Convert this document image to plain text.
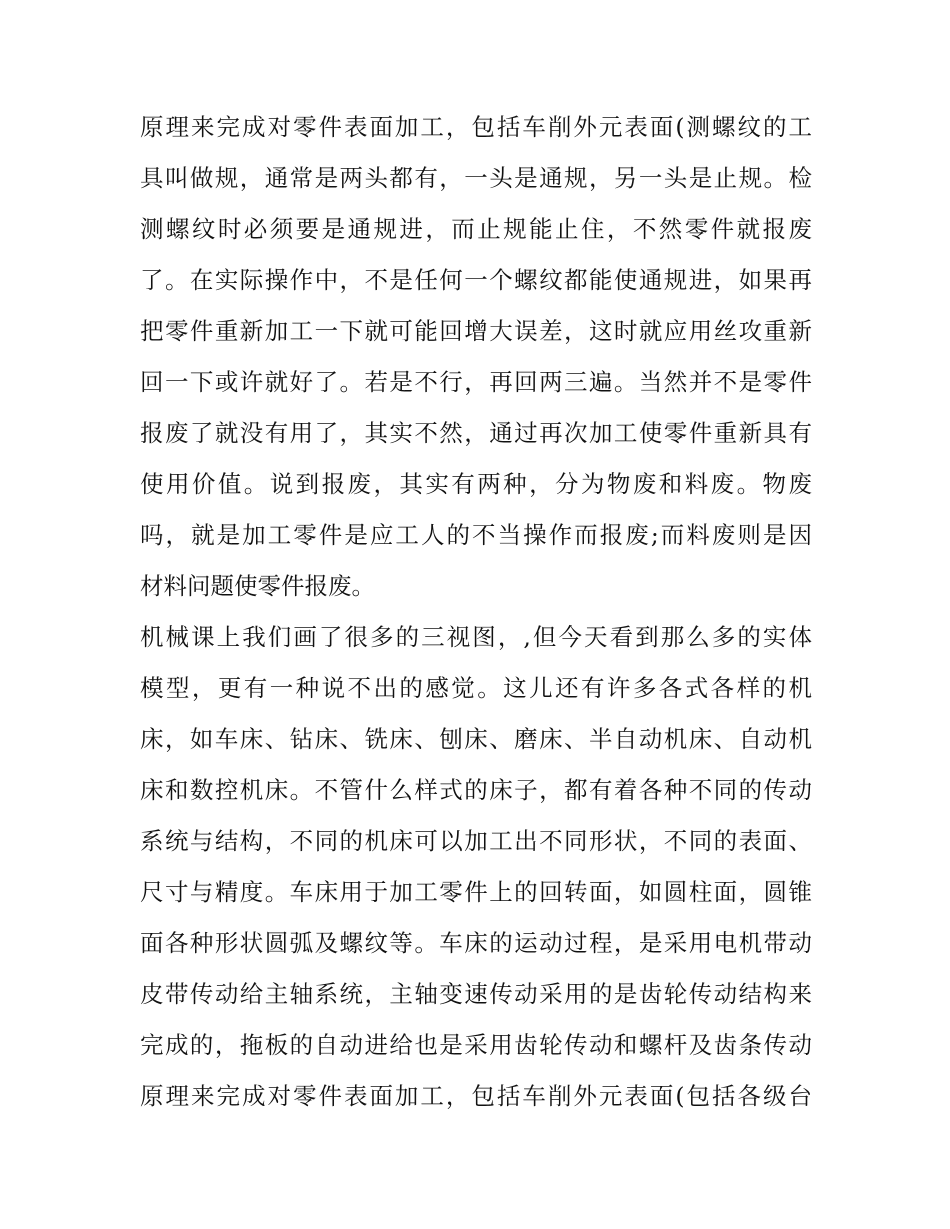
原理来完成对零件表面加工，包括车削外元表面(测螺纹的工
具叫做规，通常是两头都有，一头是通规，另一头是止规。检
测螺纹时必须要是通规进，而止规能止住，不然零件就报废
了。在实际操作中，不是任何一个螺纹都能使通规进，如果再
把零件重新加工一下就可能回增大误差，这时就应用丝攻重新
回一下或许就好了。若是不行，再回两三遍。当然并不是零件
报废了就没有用了，其实不然，通过再次加工使零件重新具有
使用价值。说到报废，其实有两种，分为物废和料废。物废
吗，就是加工零件是应工人的不当操作而报废;而料废则是因
材料问题使零件报废。
机械课上我们画了很多的三视图，,但今天看到那么多的实体
模型，更有一种说不出的感觉。这儿还有许多各式各样的机
床，如车床、钻床、铣床、刨床、磨床、半自动机床、自动机
床和数控机床。不管什么样式的床子，都有着各种不同的传动
系统与结构，不同的机床可以加工出不同形状，不同的表面、
尺寸与精度。车床用于加工零件上的回转面，如圆柱面，圆锥
面各种形状圆弧及螺纹等。车床的运动过程，是采用电机带动
皮带传动给主轴系统，主轴变速传动采用的是齿轮传动结构来
完成的，拖板的自动进给也是采用齿轮传动和螺杆及齿条传动
原理来完成对零件表面加工，包括车削外元表面(包括各级台
